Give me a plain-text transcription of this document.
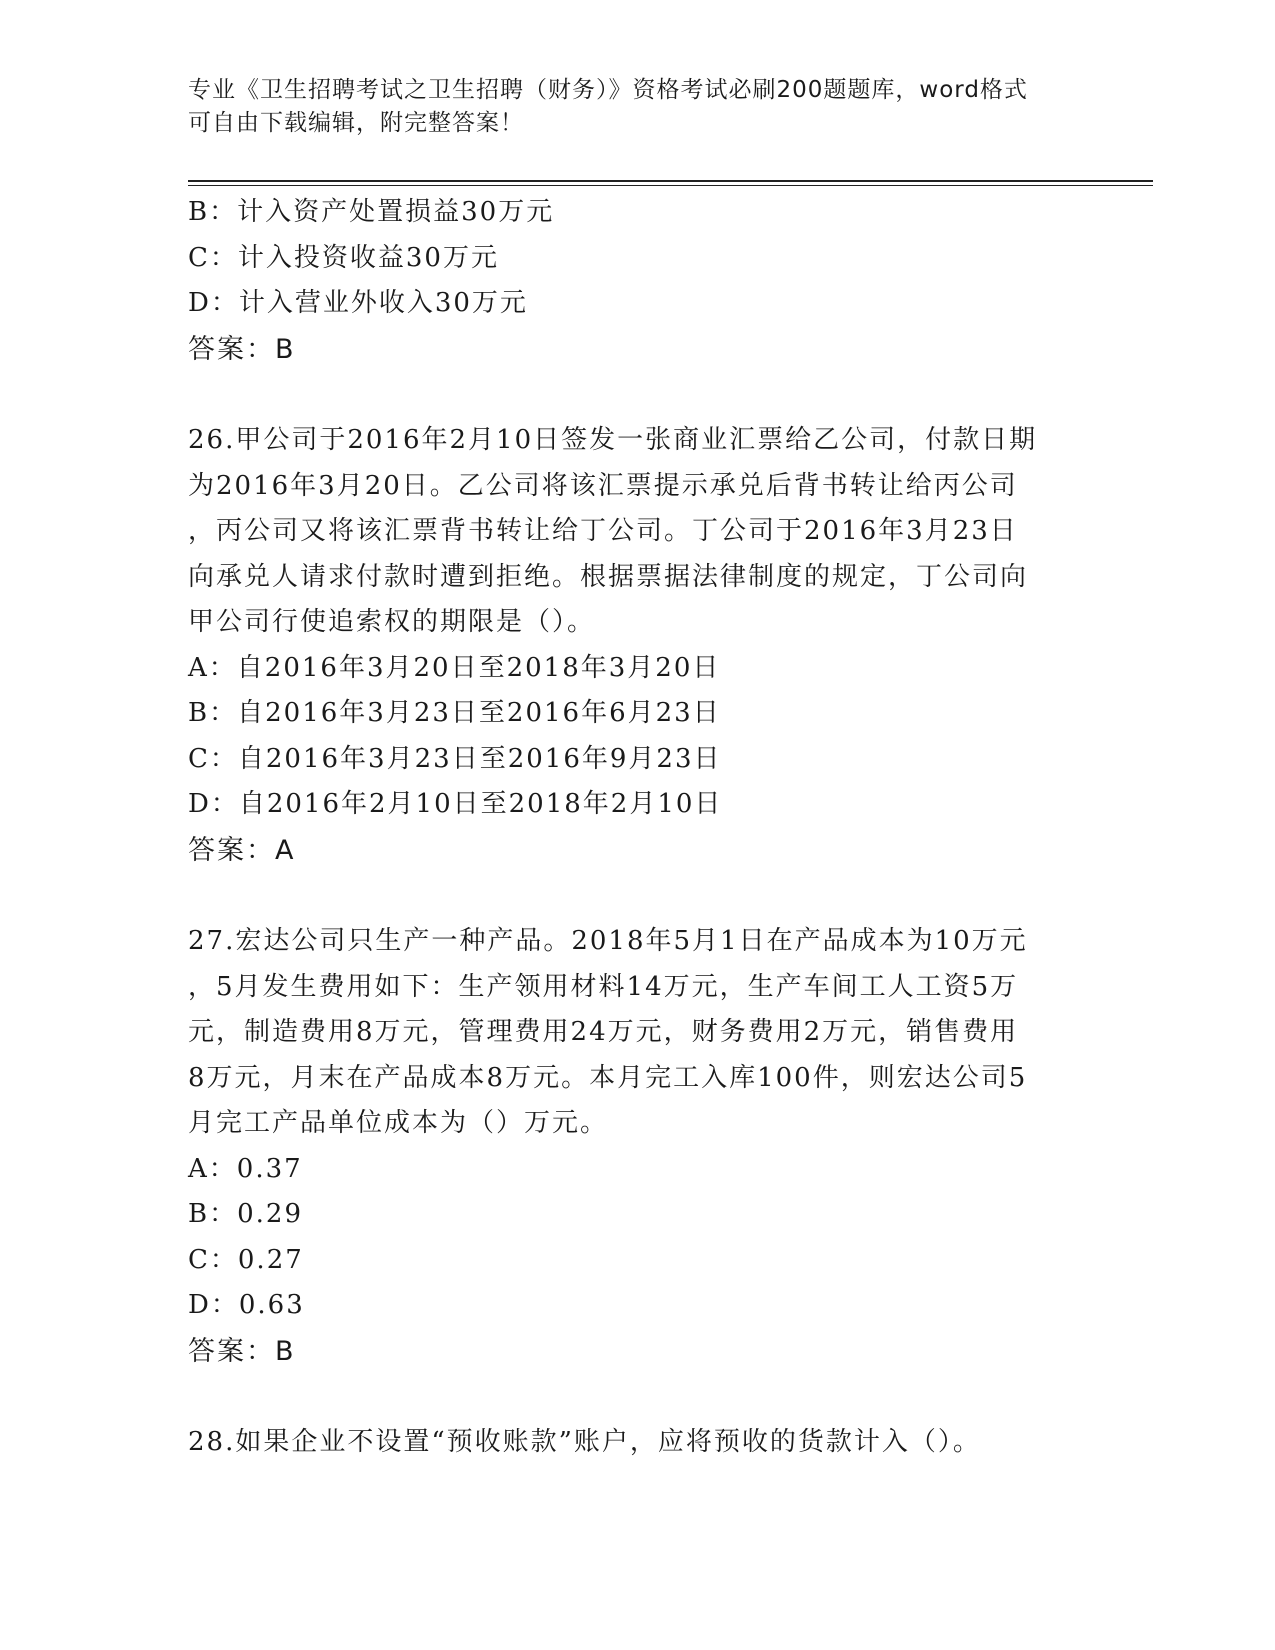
专业《卫生招聘考试之卫生招聘（财务）》资格考试必刷200题题库，word格式
可自由下载编辑，附完整答案！
B：计入资产处置损益30万元
C：计入投资收益30万元
D：计入营业外收入30万元
答案：B
26.甲公司于2016年2月10日签发一张商业汇票给乙公司，付款日期
为2016年3月20日。乙公司将该汇票提示承兑后背书转让给丙公司
，丙公司又将该汇票背书转让给丁公司。丁公司于2016年3月23日
向承兑人请求付款时遭到拒绝。根据票据法律制度的规定，丁公司向
甲公司行使追索权的期限是（）。
A：自2016年3月20日至2018年3月20日
B：自2016年3月23日至2016年6月23日
C：自2016年3月23日至2016年9月23日
D：自2016年2月10日至2018年2月10日
答案：A
27.宏达公司只生产一种产品。2018年5月1日在产品成本为10万元
，5月发生费用如下：生产领用材料14万元，生产车间工人工资5万
元，制造费用8万元，管理费用24万元，财务费用2万元，销售费用
8万元，月末在产品成本8万元。本月完工入库100件，则宏达公司5
月完工产品单位成本为（）万元。
A：0.37
B：0.29
C：0.27
D：0.63
答案：B
28.如果企业不设置“预收账款”账户，应将预收的货款计入（）。
